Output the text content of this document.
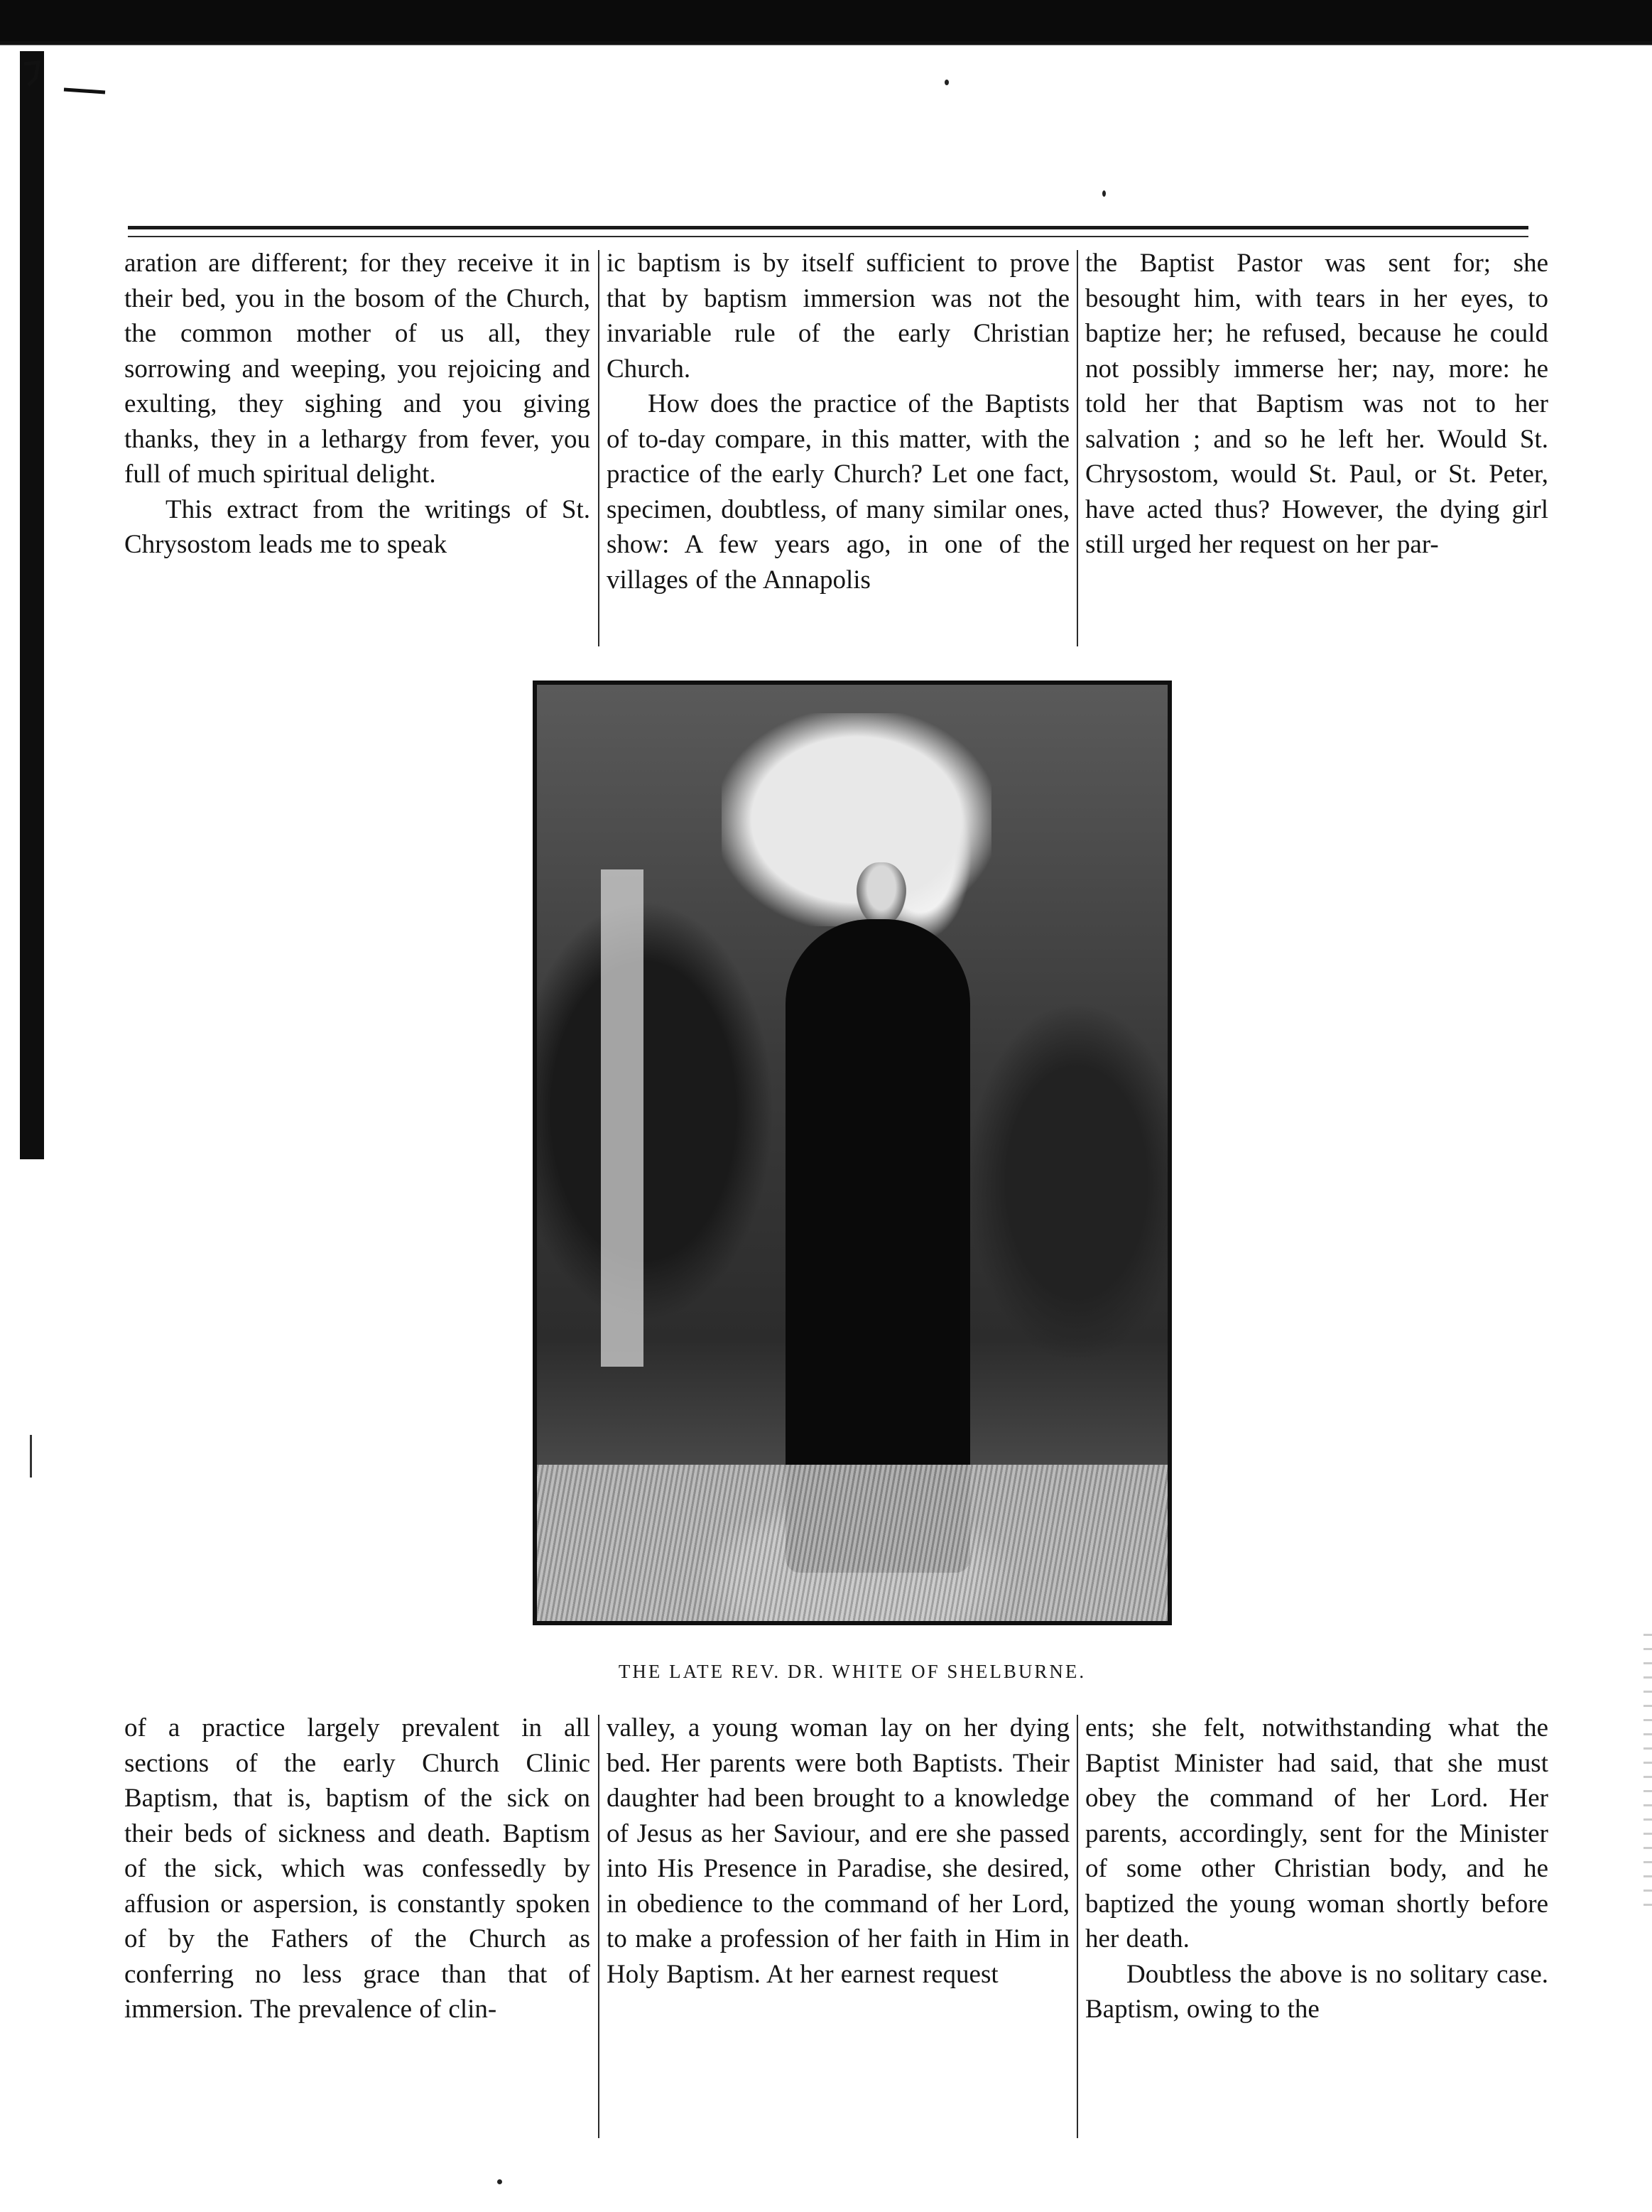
aration are different; for they receive it in their bed, you in the bosom of the Church, the common mother of us all, they sorrowing and weeping, you rejoicing and exulting, they sighing and you giving thanks, they in a lethargy from fever, you full of much spiritual delight.

This extract from the writings of St. Chrysostom leads me to speak

ic baptism is by itself sufficient to prove that by baptism immersion was not the invariable rule of the early Christian Church.

How does the practice of the Baptists of to-day compare, in this matter, with the practice of the early Church? Let one fact, specimen, doubtless, of many similar ones, show: A few years ago, in one of the villages of the Annapolis

the Baptist Pastor was sent for; she besought him, with tears in her eyes, to baptize her; he refused, because he could not possibly immerse her; nay, more: he told her that Baptism was not to her salvation ; and so he left her. Would St. Chrysostom, would St. Paul, or St. Peter, have acted thus? However, the dying girl still urged her request on her par-

THE LATE REV. DR. WHITE OF SHELBURNE.

of a practice largely prevalent in all sections of the early Church Clinic Baptism, that is, baptism of the sick on their beds of sickness and death. Baptism of the sick, which was confessedly by affusion or aspersion, is constantly spoken of by the Fathers of the Church as conferring no less grace than that of immersion. The prevalence of clin-

valley, a young woman lay on her dying bed. Her parents were both Baptists. Their daughter had been brought to a knowledge of Jesus as her Saviour, and ere she passed into His Presence in Paradise, she desired, in obedience to the command of her Lord, to make a profession of her faith in Him in Holy Baptism. At her earnest request

ents; she felt, notwithstanding what the Baptist Minister had said, that she must obey the command of her Lord. Her parents, accordingly, sent for the Minister of some other Christian body, and he baptized the young woman shortly before her death.

Doubtless the above is no solitary case. Baptism, owing to the
